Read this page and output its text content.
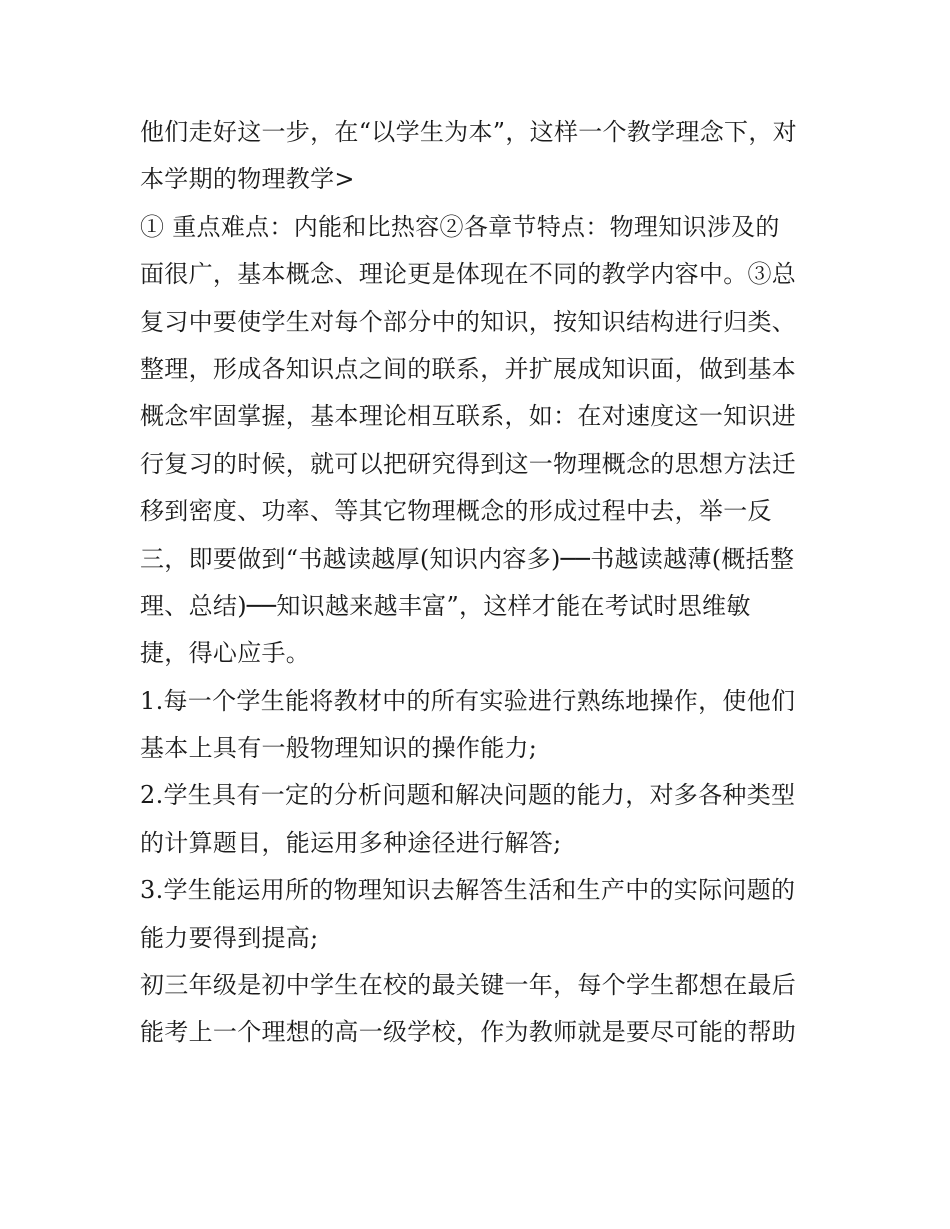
他们走好这一步，在“以学生为本”，这样一个教学理念下，对
本学期的物理教学>
① 重点难点：内能和比热容②各章节特点：物理知识涉及的
面很广，基本概念、理论更是体现在不同的教学内容中。③总
复习中要使学生对每个部分中的知识，按知识结构进行归类、
整理，形成各知识点之间的联系，并扩展成知识面，做到基本
概念牢固掌握，基本理论相互联系，如：在对速度这一知识进
行复习的时候，就可以把研究得到这一物理概念的思想方法迁
移到密度、功率、等其它物理概念的形成过程中去，举一反
三，即要做到“书越读越厚(知识内容多)──书越读越薄(概括整
理、总结)──知识越来越丰富”，这样才能在考试时思维敏
捷，得心应手。
1.每一个学生能将教材中的所有实验进行熟练地操作，使他们
基本上具有一般物理知识的操作能力;
2.学生具有一定的分析问题和解决问题的能力，对多各种类型
的计算题目，能运用多种途径进行解答;
3.学生能运用所的物理知识去解答生活和生产中的实际问题的
能力要得到提高;
初三年级是初中学生在校的最关键一年，每个学生都想在最后
能考上一个理想的高一级学校，作为教师就是要尽可能的帮助
